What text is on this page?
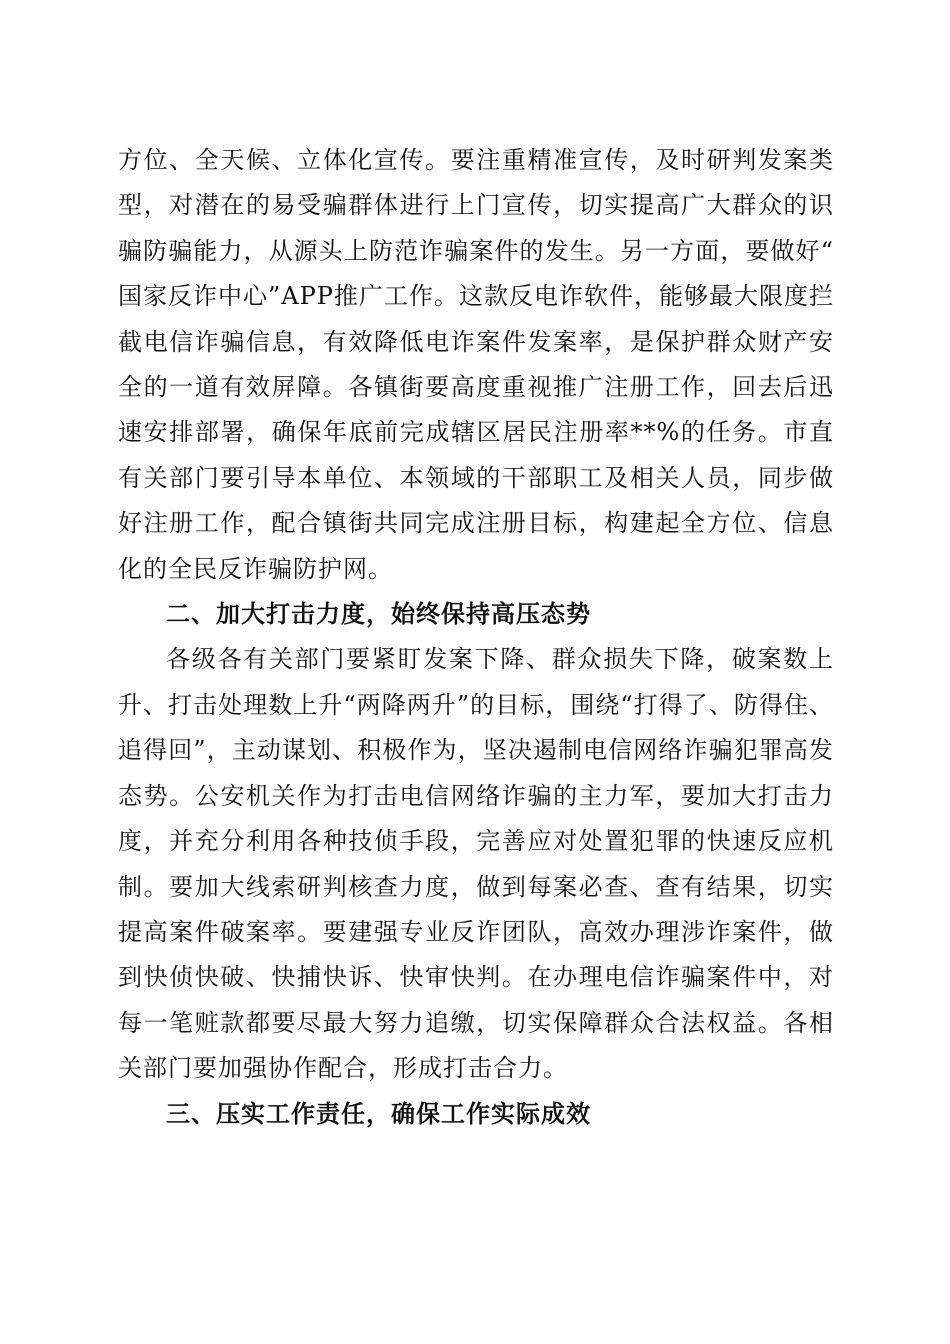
方位、全天候、立体化宣传。要注重精准宣传，及时研判发案类型，对潜在的易受骗群体进行上门宣传，切实提高广大群众的识骗防骗能力，从源头上防范诈骗案件的发生。另一方面，要做好“国家反诈中心”APP推广工作。这款反电诈软件，能够最大限度拦截电信诈骗信息，有效降低电诈案件发案率，是保护群众财产安全的一道有效屏障。各镇街要高度重视推广注册工作，回去后迅速安排部署，确保年底前完成辖区居民注册率**%的任务。市直有关部门要引导本单位、本领域的干部职工及相关人员，同步做好注册工作，配合镇街共同完成注册目标，构建起全方位、信息化的全民反诈骗防护网。

二、加大打击力度，始终保持高压态势

各级各有关部门要紧盯发案下降、群众损失下降，破案数上升、打击处理数上升“两降两升”的目标，围绕“打得了、防得住、追得回”，主动谋划、积极作为，坚决遏制电信网络诈骗犯罪高发态势。公安机关作为打击电信网络诈骗的主力军，要加大打击力度，并充分利用各种技侦手段，完善应对处置犯罪的快速反应机制。要加大线索研判核查力度，做到每案必查、查有结果，切实提高案件破案率。要建强专业反诈团队，高效办理涉诈案件，做到快侦快破、快捕快诉、快审快判。在办理电信诈骗案件中，对每一笔赃款都要尽最大努力追缴，切实保障群众合法权益。各相关部门要加强协作配合，形成打击合力。

三、压实工作责任，确保工作实际成效
